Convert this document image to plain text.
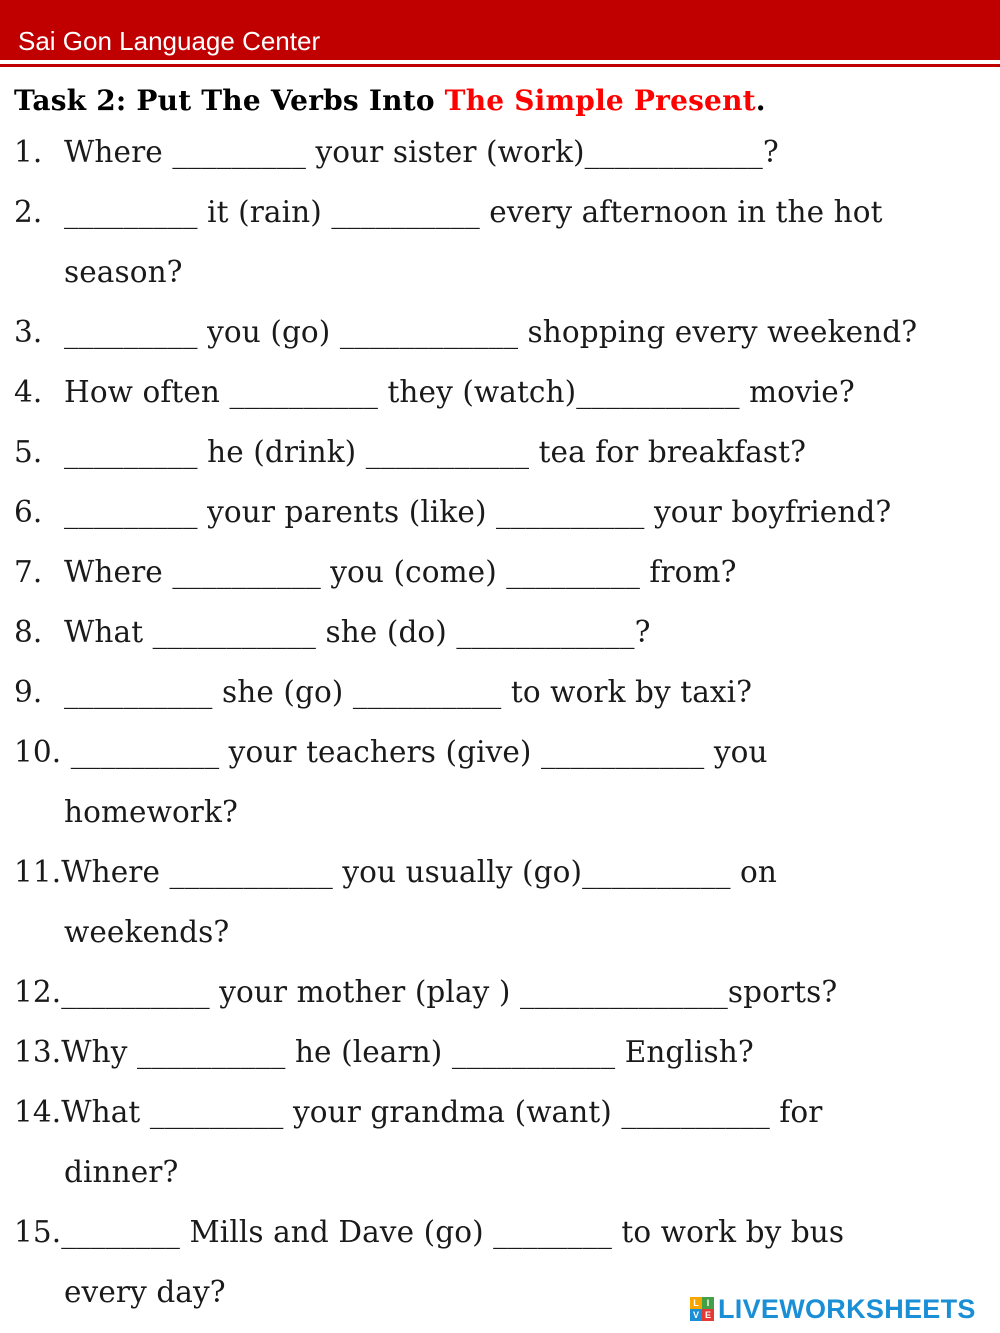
Sai Gon Language Center
Task 2: Put The Verbs Into The Simple Present.
1. Where _________ your sister (work)____________?
2. _________ it (rain) __________ every afternoon in the hot
season?
3. _________ you (go) ____________ shopping every weekend?
4. How often __________ they (watch)___________ movie?
5. _________ he (drink) ___________ tea for breakfast?
6. _________ your parents (like) __________ your boyfriend?
7. Where __________ you (come) _________ from?
8. What ___________ she (do) ____________?
9. __________ she (go) __________ to work by taxi?
10. __________ your teachers (give) ___________ you
homework?
11.Where ___________ you usually (go)__________ on
weekends?
12.__________ your mother (play ) ______________sports?
13.Why __________ he (learn) ___________ English?
14.What _________ your grandma (want) __________ for
dinner?
15.________ Mills and Dave (go) ________ to work by bus
every day?	L I
V E LIVEWORKSHEETS
